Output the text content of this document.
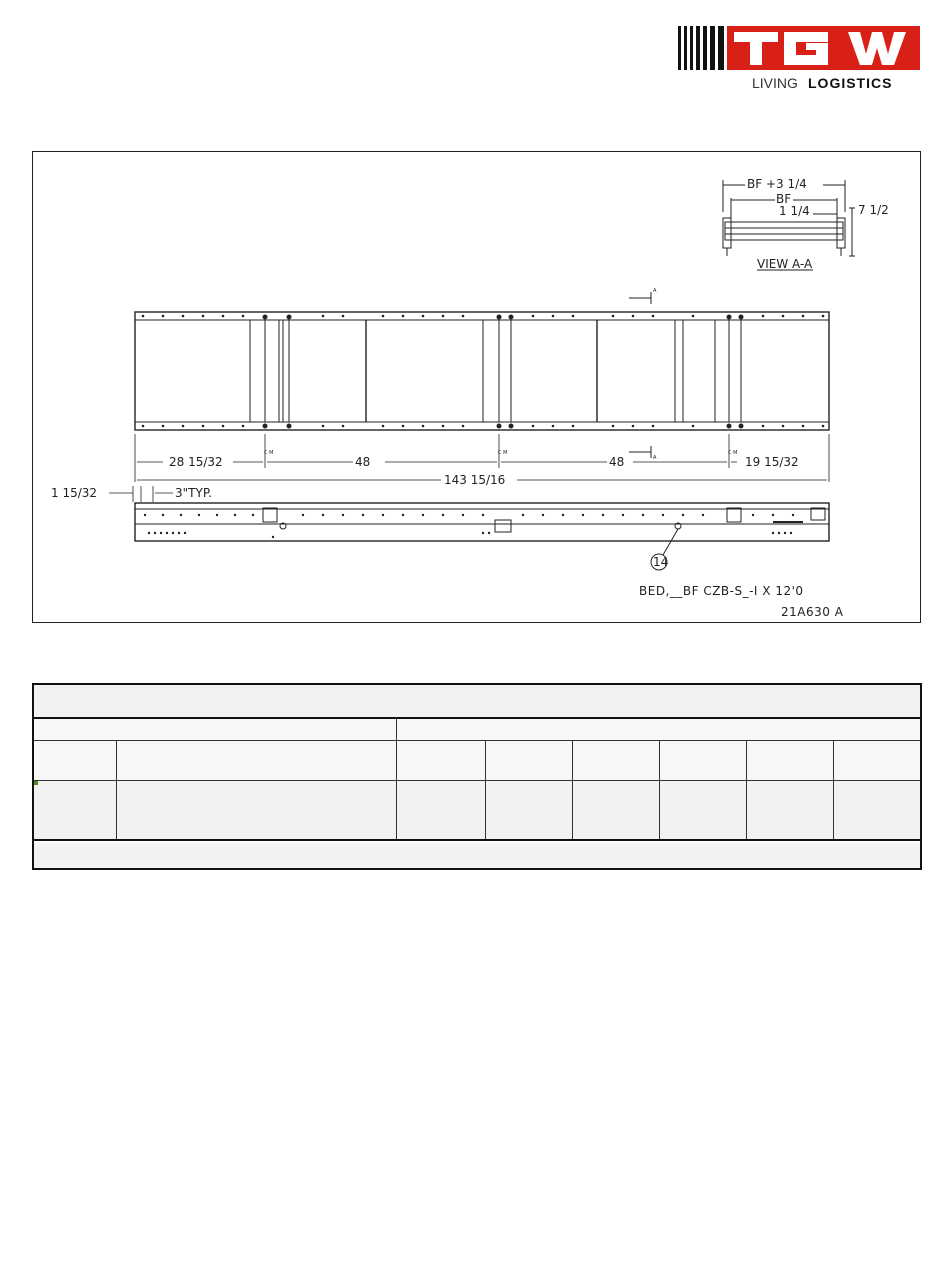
LIVING LOGISTICS
BF +3 1/4
BF
1 1/4	7 1/2
VIEW A-A
A
A
C M	C M	C M
28 15/32	48	48	19 15/32
143 15/16
1 15/32	3"TYP.
14
BED,__BF CZB-S_-I X 12'0
21A630 A
